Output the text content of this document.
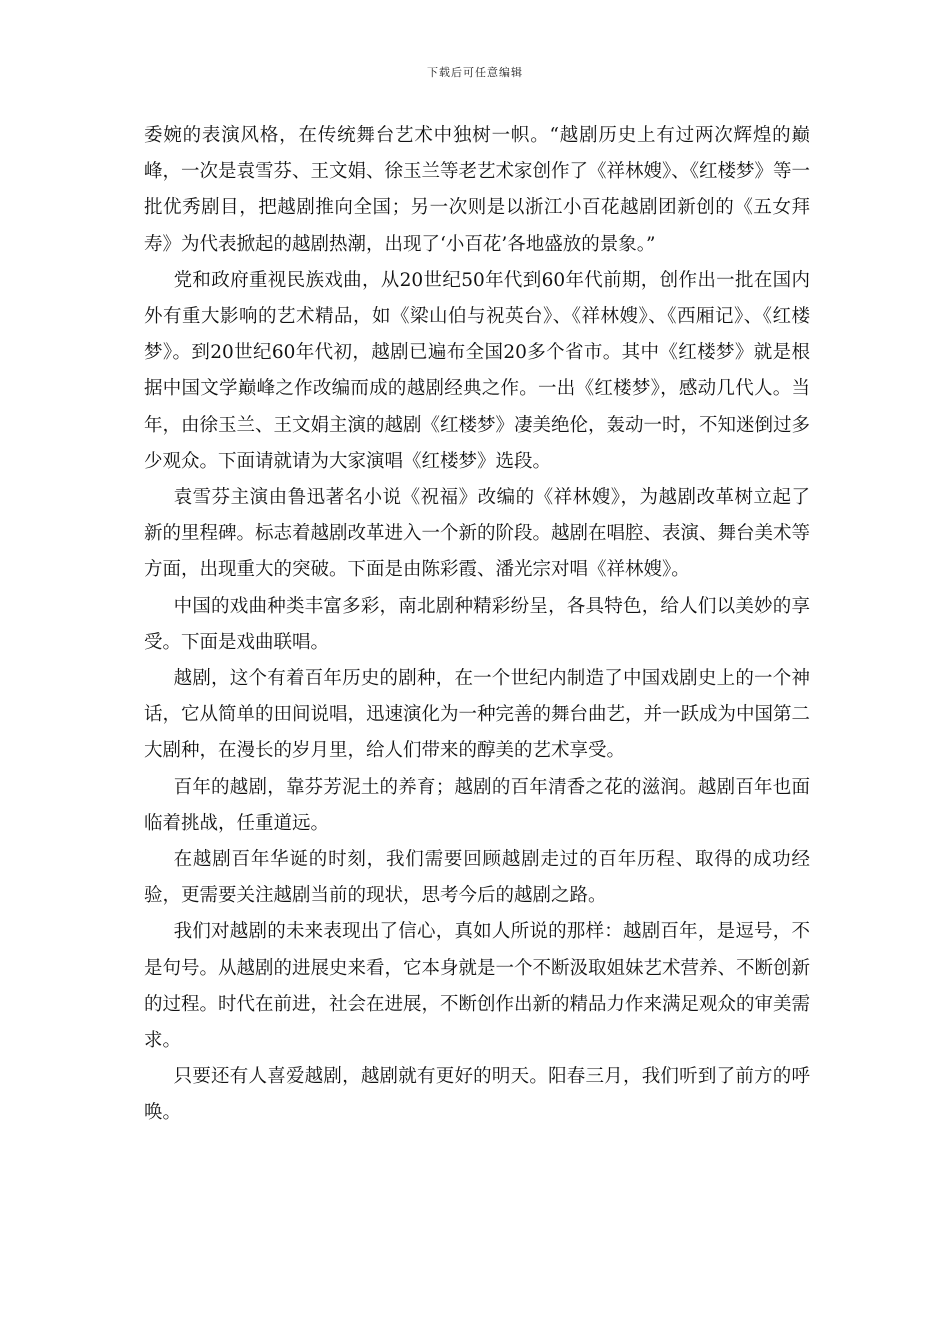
下载后可任意编辑

委婉的表演风格，在传统舞台艺术中独树一帜。“越剧历史上有过两次辉煌的巅峰，一次是袁雪芬、王文娟、徐玉兰等老艺术家创作了《祥林嫂》、《红楼梦》等一批优秀剧目，把越剧推向全国；另一次则是以浙江小百花越剧团新创的《五女拜寿》为代表掀起的越剧热潮，出现了‘小百花’各地盛放的景象。”

党和政府重视民族戏曲，从20世纪50年代到60年代前期，创作出一批在国内外有重大影响的艺术精品，如《梁山伯与祝英台》、《祥林嫂》、《西厢记》、《红楼梦》。到20世纪60年代初，越剧已遍布全国20多个省市。其中《红楼梦》就是根据中国文学巅峰之作改编而成的越剧经典之作。一出《红楼梦》，感动几代人。当年，由徐玉兰、王文娟主演的越剧《红楼梦》凄美绝伦，轰动一时，不知迷倒过多少观众。下面请就请为大家演唱《红楼梦》选段。

袁雪芬主演由鲁迅著名小说《祝福》改编的《祥林嫂》，为越剧改革树立起了新的里程碑。标志着越剧改革进入一个新的阶段。越剧在唱腔、表演、舞台美术等方面，出现重大的突破。下面是由陈彩霞、潘光宗对唱《祥林嫂》。

中国的戏曲种类丰富多彩，南北剧种精彩纷呈，各具特色，给人们以美妙的享受。下面是戏曲联唱。

越剧，这个有着百年历史的剧种，在一个世纪内制造了中国戏剧史上的一个神话，它从简单的田间说唱，迅速演化为一种完善的舞台曲艺，并一跃成为中国第二大剧种，在漫长的岁月里，给人们带来的醇美的艺术享受。

百年的越剧，靠芬芳泥土的养育；越剧的百年清香之花的滋润。越剧百年也面临着挑战，任重道远。

在越剧百年华诞的时刻，我们需要回顾越剧走过的百年历程、取得的成功经验，更需要关注越剧当前的现状，思考今后的越剧之路。

我们对越剧的未来表现出了信心，真如人所说的那样：越剧百年，是逗号，不是句号。从越剧的进展史来看，它本身就是一个不断汲取姐妹艺术营养、不断创新的过程。时代在前进，社会在进展，不断创作出新的精品力作来满足观众的审美需求。

只要还有人喜爱越剧，越剧就有更好的明天。阳春三月，我们听到了前方的呼唤。
